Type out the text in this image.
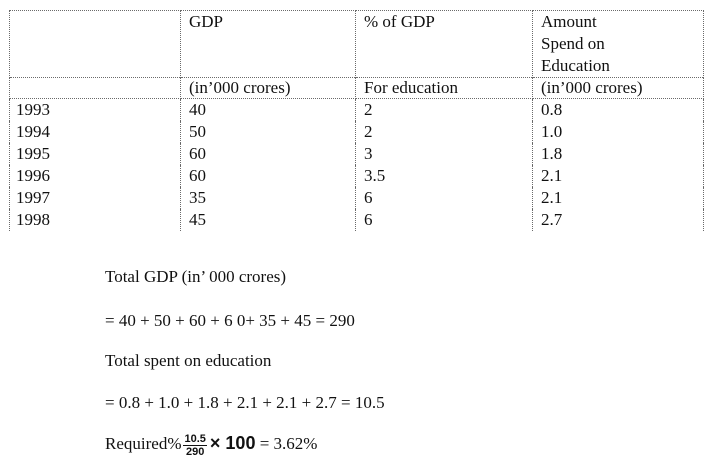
	GDP	% of GDP	Amount Spend on Education

	(in’000 crores)	For education	(in’000 crores)
1993	40	2	0.8
1994	50	2	1.0
1995	60	3	1.8
1996	60	3.5	2.1
1997	35	6	2.1
1998	45	6	2.7
Total GDP (in’ 000 crores)
= 40 + 50 + 60 + 6 0+ 35 + 45 = 290
Total spent on education
= 0.8 + 1.0 + 1.8 + 2.1 + 2.1 + 2.7 = 10.5
Required% $\frac{10.5}{290} \times 100 = 3.62\%$
